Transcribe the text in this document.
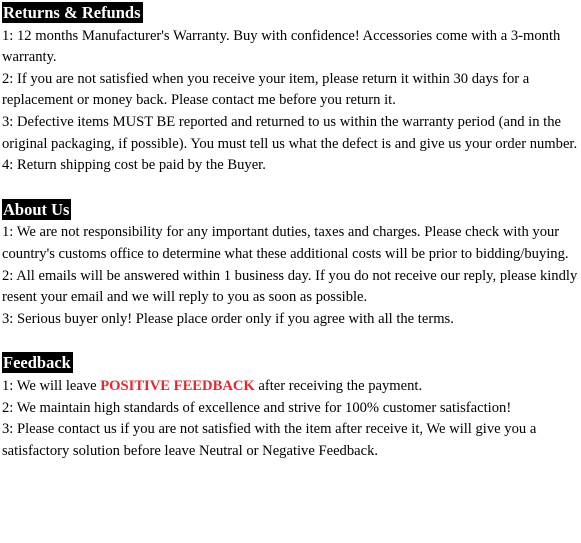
Returns & Refunds

1: 12 months Manufacturer's Warranty. Buy with confidence! Accessories come with a 3-month warranty.

2: If you are not satisfied when you receive your item, please return it within 30 days for a replacement or money back. Please contact me before you return it.

3: Defective items MUST BE reported and returned to us within the warranty period (and in the original packaging, if possible). You must tell us what the defect is and give us your order number.

4: Return shipping cost be paid by the Buyer.

About Us

1: We are not responsibility for any important duties, taxes and charges. Please check with your country's customs office to determine what these additional costs will be prior to bidding/buying.

2: All emails will be answered within 1 business day. If you do not receive our reply, please kindly resent your email and we will reply to you as soon as possible.

3: Serious buyer only! Please place order only if you agree with all the terms.

Feedback

1: We will leave POSITIVE FEEDBACK after receiving the payment.

2: We maintain high standards of excellence and strive for 100% customer satisfaction!

3: Please contact us if you are not satisfied with the item after receive it, We will give you a satisfactory solution before leave Neutral or Negative Feedback.
